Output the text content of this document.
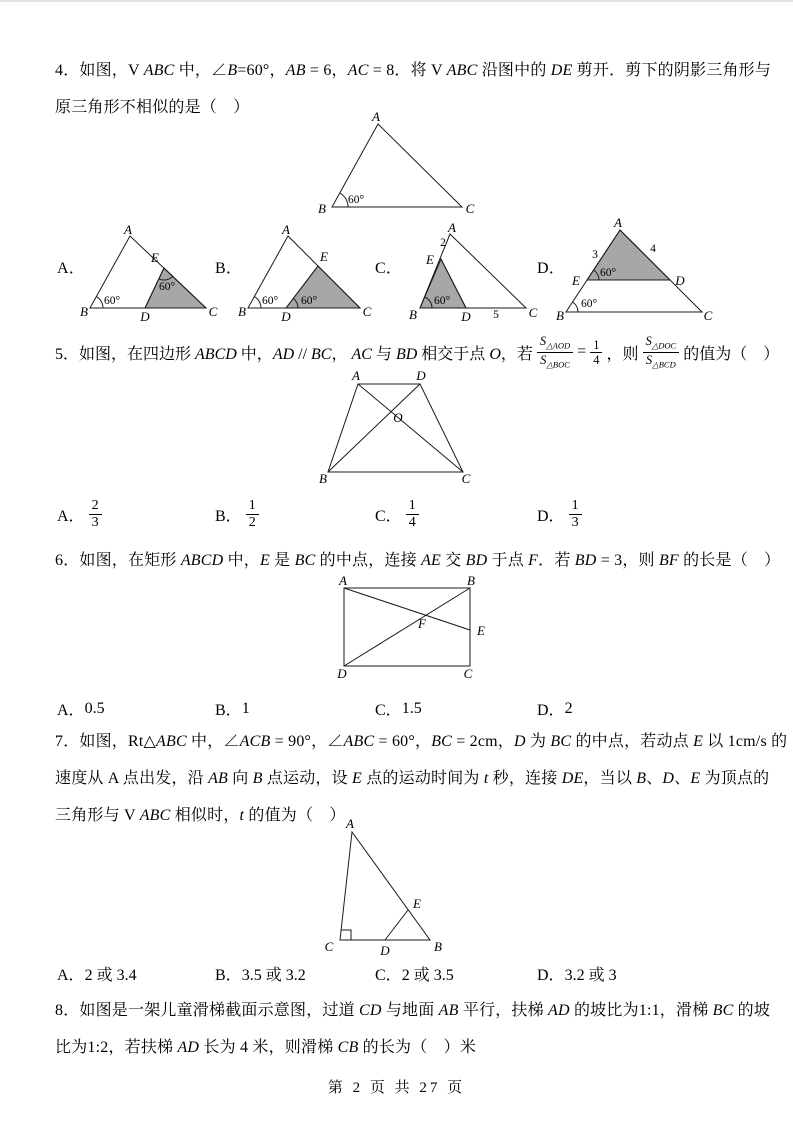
4．如图，V ABC 中，∠B=60°，AB = 6，AC = 8．将 V ABC 沿图中的 DE 剪开．剪下的阴影三角形与
原三角形不相似的是（　）
A
B	C
60°
A．
A
E
B	D	C
60°
60°
B．
A
E
B	D	C
60° 60°
C．
A
2
E
B	D 5 C
60°
D．
A
3	4
E	D
B	C
60°
60°
5．如图，在四边形 ABCD 中，AD // BC， AC 与 BD 相交于点 O，若 $\frac{S_{\triangle AOD}}{S_{\triangle BOC}} = \frac{1}{4}$ ，则 $\frac{S_{\triangle DOC}}{S_{\triangle BCD}}$ 的值为（　）
A	D
B	C
O
A． $\frac{2}{3}$	B． $\frac{1}{2}$	C． $\frac{1}{4}$	D． $\frac{1}{3}$
6．如图，在矩形 ABCD 中，E 是 BC 的中点，连接 AE 交 BD 于点 F．若 BD = 3，则 BF 的长是（　）
A	B
D	C
E
F
A． 0.5	B． 1	C． 1.5	D． 2
7．如图，Rt△ABC 中，∠ACB = 90°，∠ABC = 60°，BC = 2cm，D 为 BC 的中点，若动点 E 以 1cm/s 的
速度从 A 点出发，沿 AB 向 B 点运动，设 E 点的运动时间为 t 秒，连接 DE，当以 B、D、E 为顶点的
三角形与 V ABC 相似时，t 的值为（　） A
C	B
D
E
A． 2 或 3.4	B． 3.5 或 3.2	C． 2 或 3.5	D． 3.2 或 3
8．如图是一架儿童滑梯截面示意图，过道 CD 与地面 AB 平行，扶梯 AD 的坡比为1:1，滑梯 BC 的坡
比为1:2，若扶梯 AD 长为 4 米，则滑梯 CB 的长为（　）米
第 2 页 共 27 页
